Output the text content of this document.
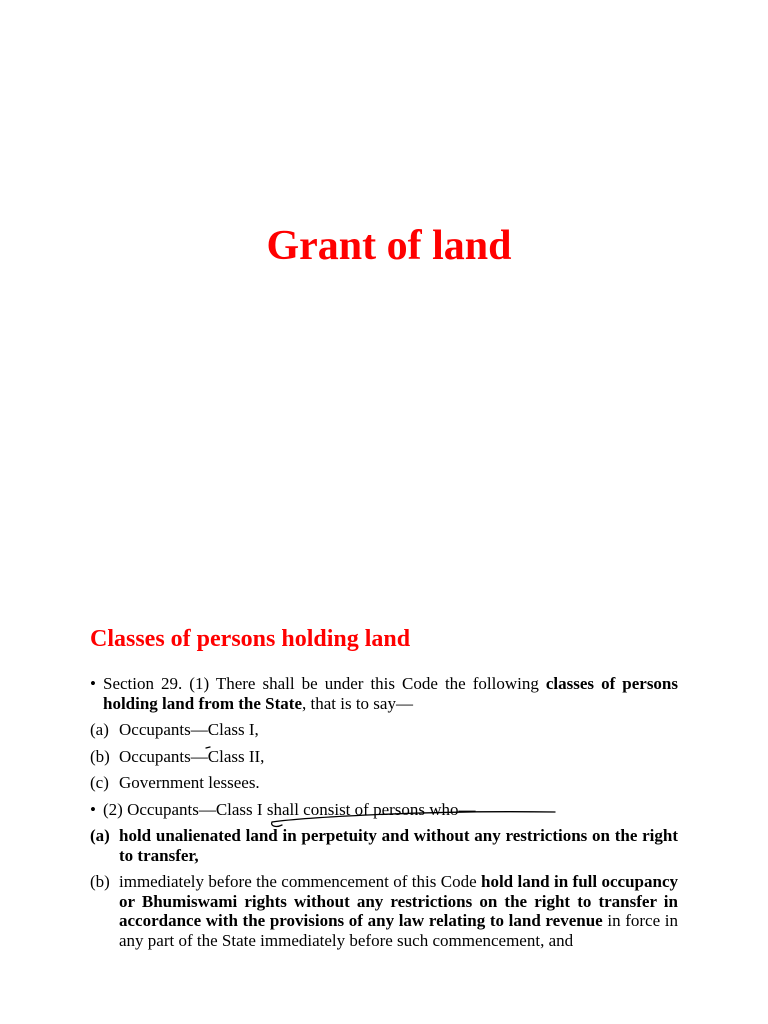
Grant of land
Classes of persons holding land
• Section 29. (1) There shall be under this Code the following classes of persons holding land from the State, that is to say—
(a) Occupants—Class I,
(b) Occupants—Class II,
(c) Government lessees.
• (2) Occupants—Class I shall consist of persons who—
(a) hold unalienated land in perpetuity and without any restrictions on the right to transfer,
(b) immediately before the commencement of this Code hold land in full occupancy or Bhumiswami rights without any restrictions on the right to transfer in accordance with the provisions of any law relating to land revenue in force in any part of the State immediately before such commencement, and
